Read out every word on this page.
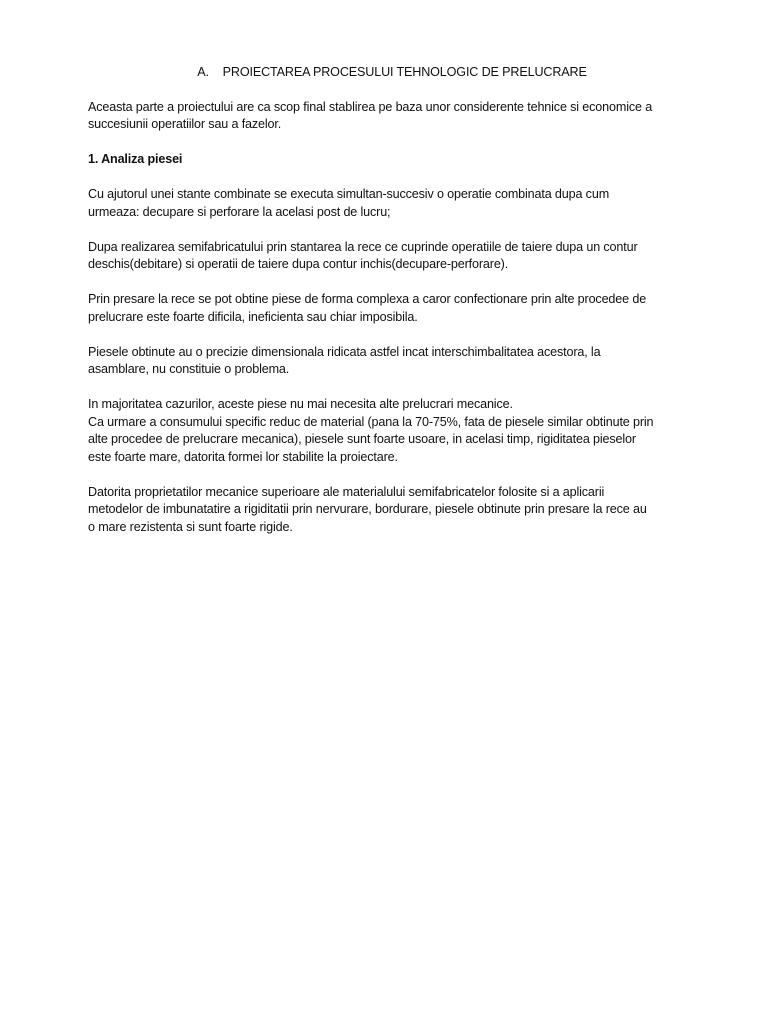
A. PROIECTAREA PROCESULUI TEHNOLOGIC DE PRELUCRARE

Aceasta parte a proiectului are ca scop final stablirea pe baza unor considerente tehnice si economice a
succesiunii operatiilor sau a fazelor.

1. Analiza piesei

Cu ajutorul unei stante combinate se executa simultan-succesiv o operatie combinata dupa cum
urmeaza: decupare si perforare la acelasi post de lucru;

Dupa realizarea semifabricatului prin stantarea la rece ce cuprinde operatiile de taiere dupa un contur
deschis(debitare) si operatii de taiere dupa contur inchis(decupare-perforare).

Prin presare la rece se pot obtine piese de forma complexa a caror confectionare prin alte procedee de
prelucrare este foarte dificila, ineficienta sau chiar imposibila.

Piesele obtinute au o precizie dimensionala ridicata astfel incat interschimbalitatea acestora, la
asamblare, nu constituie o problema.

In majoritatea cazurilor, aceste piese nu mai necesita alte prelucrari mecanice.
Ca urmare a consumului specific reduc de material (pana la 70-75%, fata de piesele similar obtinute prin
alte procedee de prelucrare mecanica), piesele sunt foarte usoare, in acelasi timp, rigiditatea pieselor
este foarte mare, datorita formei lor stabilite la proiectare.

Datorita proprietatilor mecanice superioare ale materialului semifabricatelor folosite si a aplicarii
metodelor de imbunatatire a rigiditatii prin nervurare, bordurare, piesele obtinute prin presare la rece au
o mare rezistenta si sunt foarte rigide.
